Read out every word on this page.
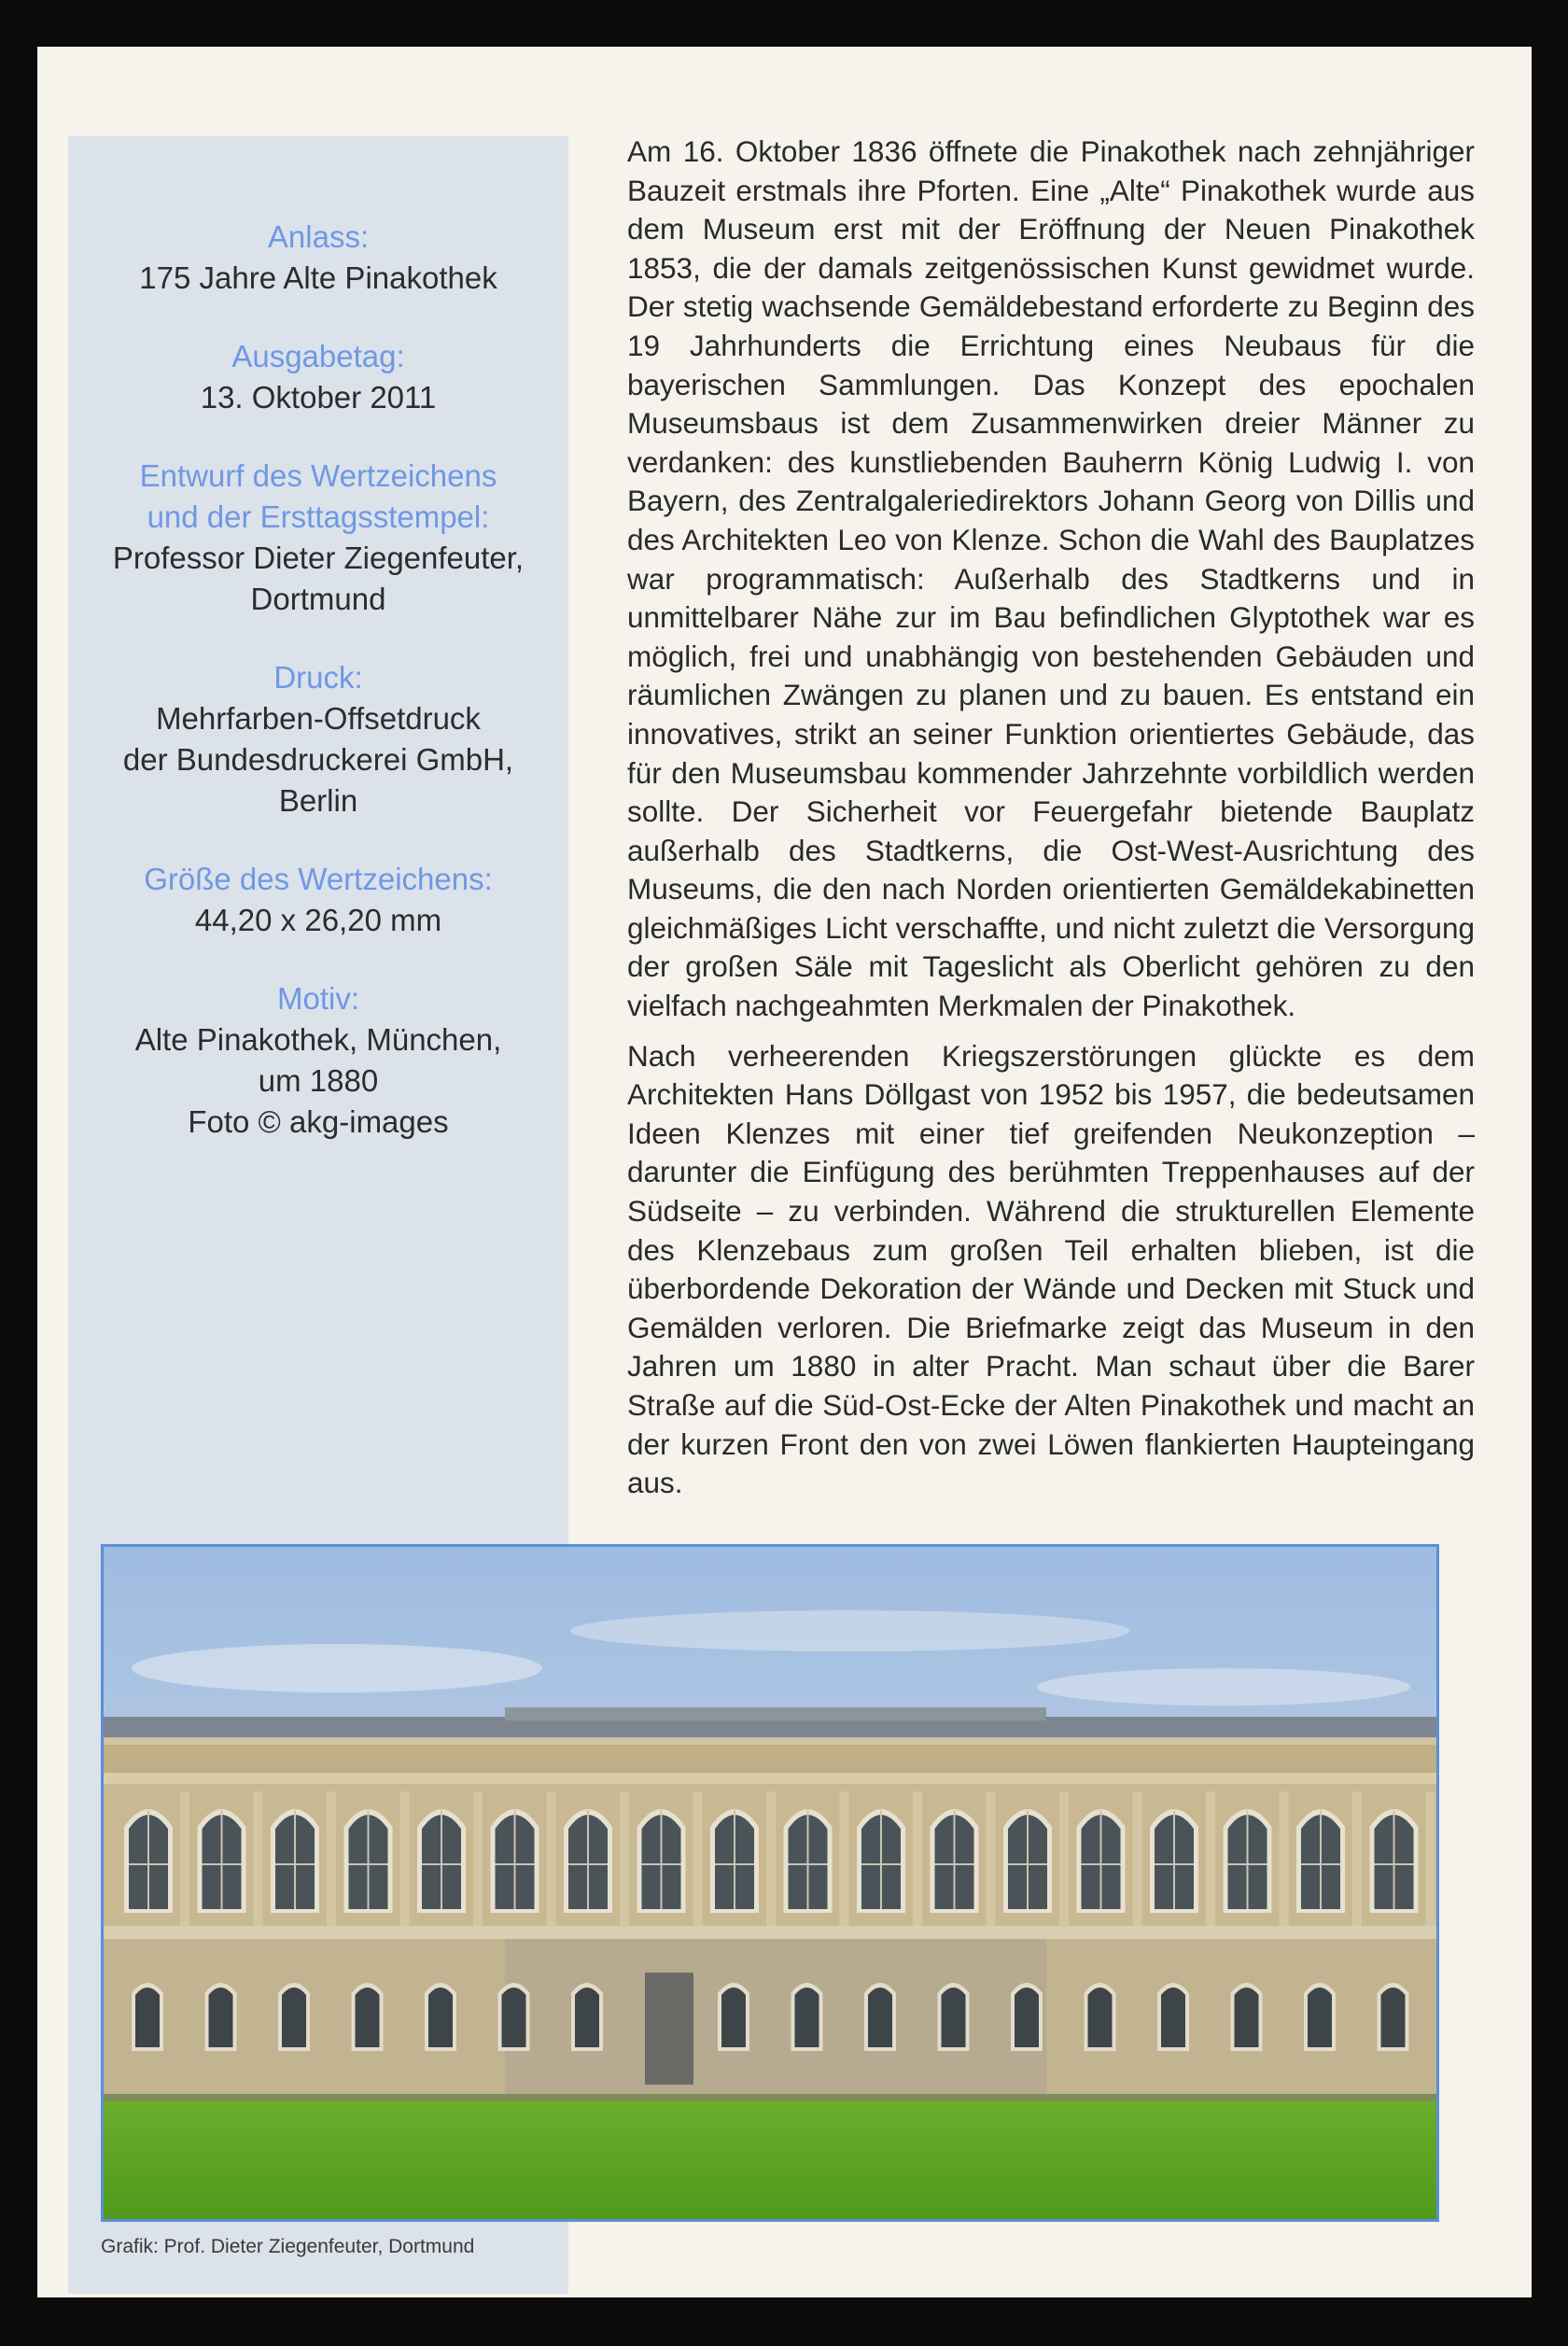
Anlass:
175 Jahre Alte Pinakothek
Ausgabetag:
13. Oktober 2011
Entwurf des Wertzeichens und der Ersttagsstempel:
Professor Dieter Ziegenfeuter,
Dortmund
Druck:
Mehrfarben-Offsetdruck
der Bundesdruckerei GmbH,
Berlin
Größe des Wertzeichens:
44,20 x 26,20 mm
Motiv:
Alte Pinakothek, München,
um 1880
Foto © akg-images

Am 16. Oktober 1836 öffnete die Pinakothek nach zehnjähriger Bauzeit erstmals ihre Pforten. Eine „Alte“ Pinakothek wurde aus dem Museum erst mit der Eröffnung der Neuen Pinakothek 1853, die der damals zeitgenössischen Kunst gewidmet wurde. Der stetig wachsende Gemäldebestand erforderte zu Beginn des 19 Jahrhunderts die Errichtung eines Neubaus für die bayerischen Sammlungen. Das Konzept des epochalen Museumsbaus ist dem Zusammenwirken dreier Männer zu verdanken: des kunstliebenden Bauherrn König Ludwig I. von Bayern, des Zentralgaleriedirektors Johann Georg von Dillis und des Architekten Leo von Klenze. Schon die Wahl des Bauplatzes war programmatisch: Außerhalb des Stadtkerns und in unmittelbarer Nähe zur im Bau befindlichen Glyptothek war es möglich, frei und unabhängig von bestehenden Gebäuden und räumlichen Zwängen zu planen und zu bauen. Es entstand ein innovatives, strikt an seiner Funktion orientiertes Gebäude, das für den Museumsbau kommender Jahrzehnte vorbildlich werden sollte. Der Sicherheit vor Feuergefahr bietende Bauplatz außerhalb des Stadtkerns, die Ost-West-Ausrichtung des Museums, die den nach Norden orientierten Gemäldekabinetten gleichmäßiges Licht verschaffte, und nicht zuletzt die Versorgung der großen Säle mit Tageslicht als Oberlicht gehören zu den vielfach nachgeahmten Merkmalen der Pinakothek.

Nach verheerenden Kriegszerstörungen glückte es dem Architekten Hans Döllgast von 1952 bis 1957, die bedeutsamen Ideen Klenzes mit einer tief greifenden Neukonzeption – darunter die Einfügung des berühmten Treppenhauses auf der Südseite – zu verbinden. Während die strukturellen Elemente des Klenzebaus zum großen Teil erhalten blieben, ist die überbordende Dekoration der Wände und Decken mit Stuck und Gemälden verloren. Die Briefmarke zeigt das Museum in den Jahren um 1880 in alter Pracht. Man schaut über die Barer Straße auf die Süd-Ost-Ecke der Alten Pinakothek und macht an der kurzen Front den von zwei Löwen flankierten Haupteingang aus.

Grafik: Prof. Dieter Ziegenfeuter, Dortmund
